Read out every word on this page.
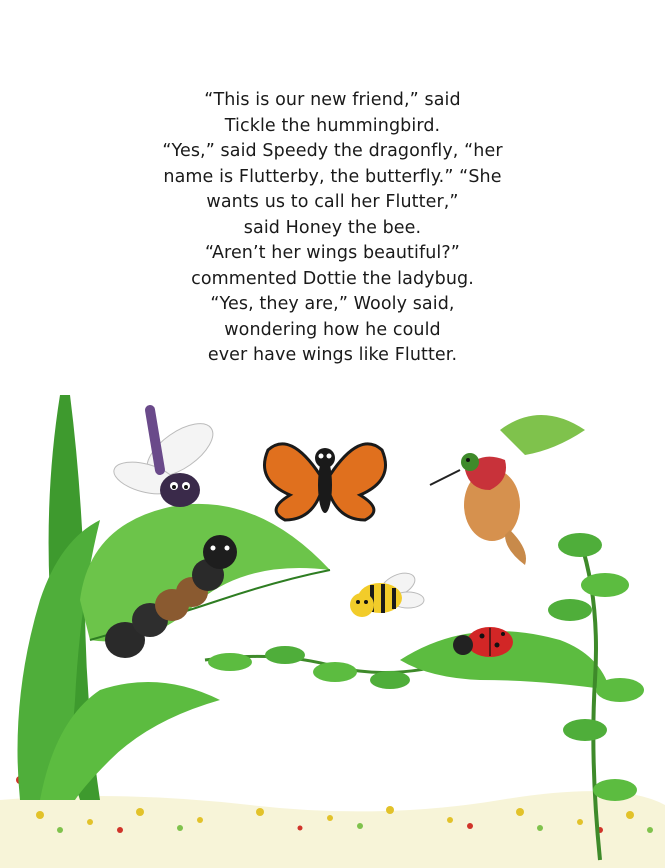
“This is our new friend,” said
Tickle the hummingbird.
“Yes,” said Speedy the dragonfly, “her
name is Flutterby, the butterfly.” “She
wants us to call her Flutter,”
said Honey the bee.
“Aren’t her wings beautiful?”
commented Dottie the ladybug.
“Yes, they are,” Wooly said,
wondering how he could
ever have wings like Flutter.
